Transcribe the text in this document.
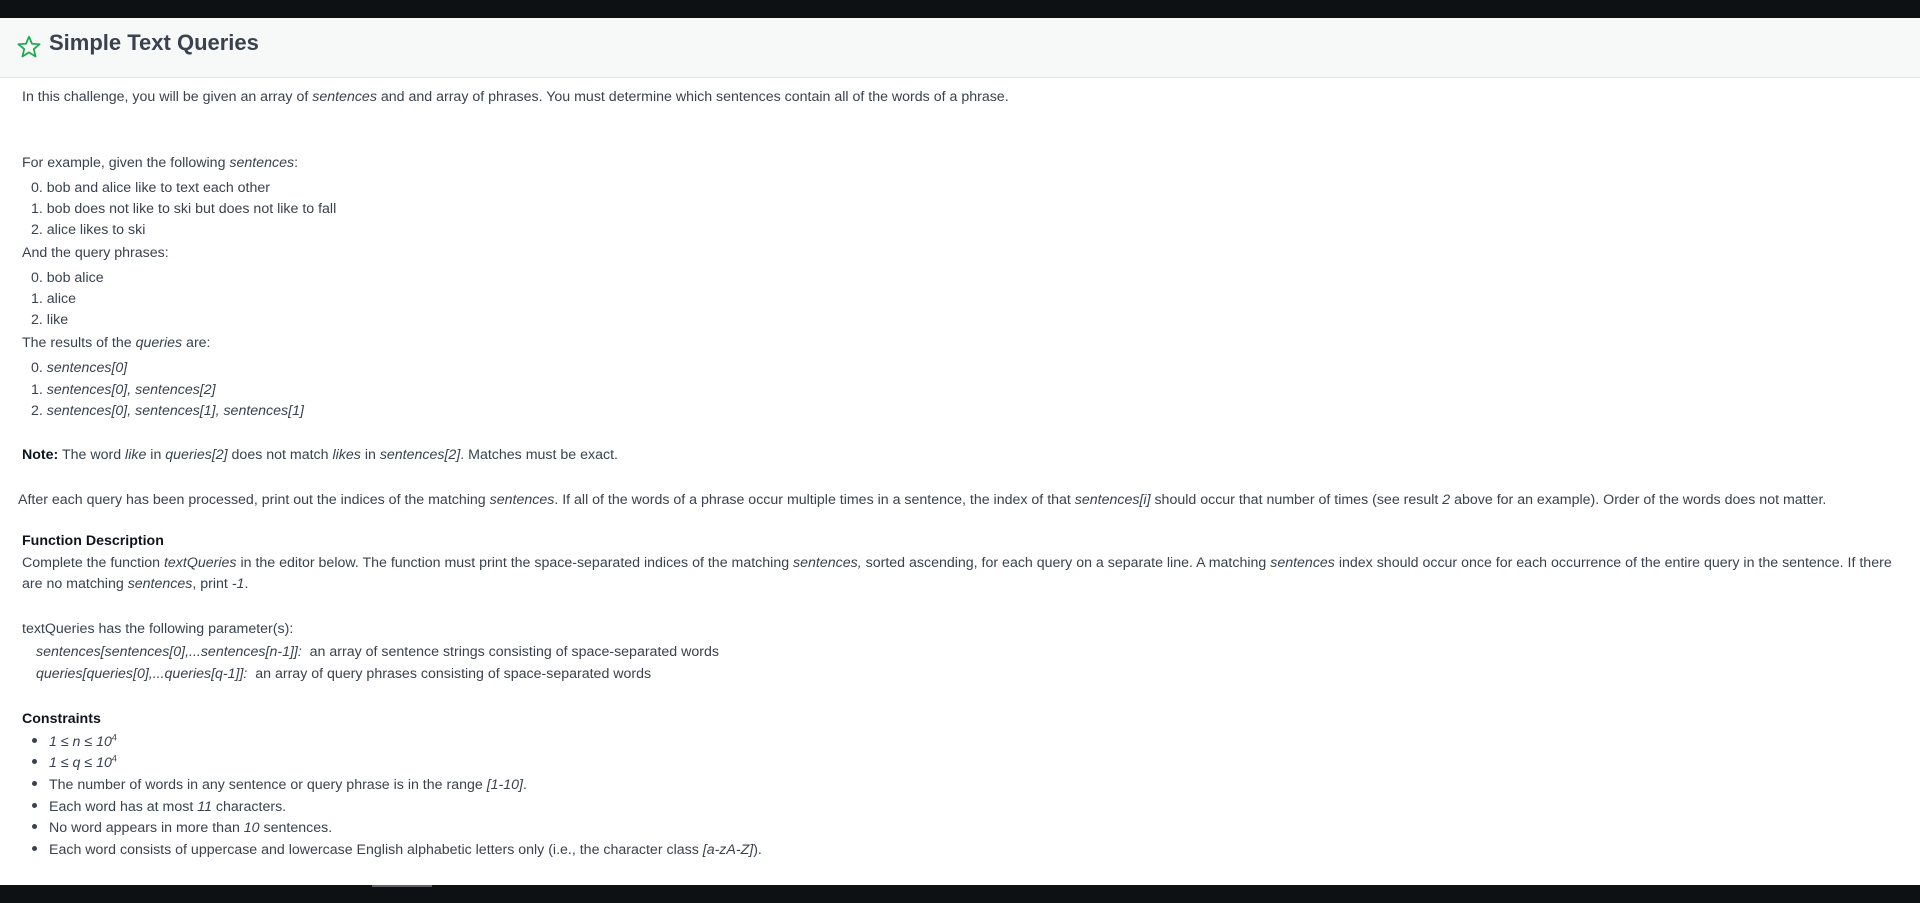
Simple Text Queries
In this challenge, you will be given an array of sentences and and array of phrases. You must determine which sentences contain all of the words of a phrase.
For example, given the following sentences:
0. bob and alice like to text each other
1. bob does not like to ski but does not like to fall
2. alice likes to ski
And the query phrases:
0. bob alice
1. alice
2. like
The results of the queries are:
0. sentences[0]
1. sentences[0], sentences[2]
2. sentences[0], sentences[1], sentences[1]
Note: The word like in queries[2] does not match likes in sentences[2]. Matches must be exact.
After each query has been processed, print out the indices of the matching sentences. If all of the words of a phrase occur multiple times in a sentence, the index of that sentences[i] should occur that number of times (see result 2 above for an example). Order of the words does not matter.
Function Description
Complete the function textQueries in the editor below. The function must print the space-separated indices of the matching sentences, sorted ascending, for each query on a separate line. A matching sentences index should occur once for each occurrence of the entire query in the sentence. If there are no matching sentences, print -1.
textQueries has the following parameter(s):
sentences[sentences[0],...sentences[n-1]]:  an array of sentence strings consisting of space-separated words
queries[queries[0],...queries[q-1]]:  an array of query phrases consisting of space-separated words
Constraints
$1 \le n \le 10^4$
$1 \le q \le 10^4$
The number of words in any sentence or query phrase is in the range [1-10].
Each word has at most 11 characters.
No word appears in more than 10 sentences.
Each word consists of uppercase and lowercase English alphabetic letters only (i.e., the character class [a-zA-Z]).
